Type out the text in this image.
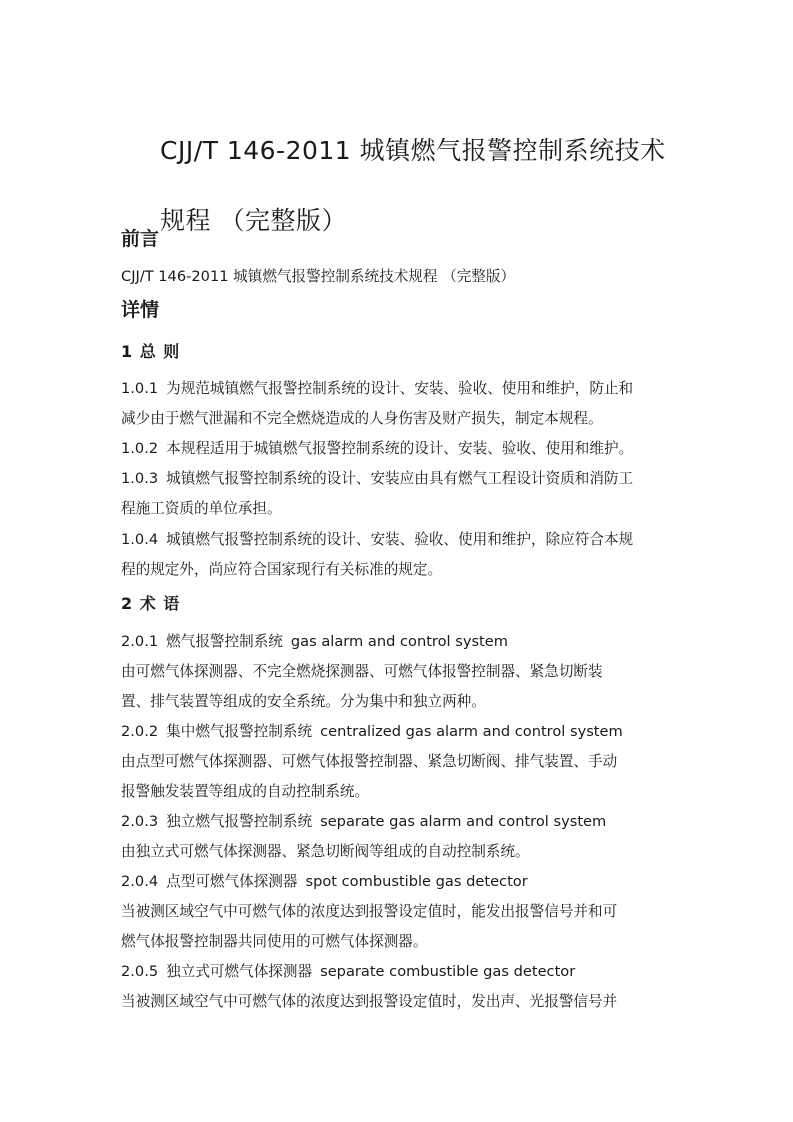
CJJ/T 146-2011 城镇燃气报警控制系统技术
规程 （完整版）
前言

CJJ/T 146-2011 城镇燃气报警控制系统技术规程 （完整版）

详情
1 总 则

1.0.1 为规范城镇燃气报警控制系统的设计、安装、验收、使用和维护，防止和
减少由于燃气泄漏和不完全燃烧造成的人身伤害及财产损失，制定本规程。

1.0.2 本规程适用于城镇燃气报警控制系统的设计、安装、验收、使用和维护。

1.0.3 城镇燃气报警控制系统的设计、安装应由具有燃气工程设计资质和消防工
程施工资质的单位承担。

1.0.4 城镇燃气报警控制系统的设计、安装、验收、使用和维护，除应符合本规
程的规定外，尚应符合国家现行有关标准的规定。

2 术 语

2.0.1 燃气报警控制系统 gas alarm and control system
由可燃气体探测器、不完全燃烧探测器、可燃气体报警控制器、紧急切断装
置、排气装置等组成的安全系统。分为集中和独立两种。

2.0.2 集中燃气报警控制系统 centralized gas alarm and control system
由点型可燃气体探测器、可燃气体报警控制器、紧急切断阀、排气装置、手动
报警触发装置等组成的自动控制系统。

2.0.3 独立燃气报警控制系统 separate gas alarm and control system
由独立式可燃气体探测器、紧急切断阀等组成的自动控制系统。

2.0.4 点型可燃气体探测器 spot combustible gas detector
当被测区域空气中可燃气体的浓度达到报警设定值时，能发出报警信号并和可
燃气体报警控制器共同使用的可燃气体探测器。

2.0.5 独立式可燃气体探测器 separate combustible gas detector
当被测区域空气中可燃气体的浓度达到报警设定值时，发出声、光报警信号并
